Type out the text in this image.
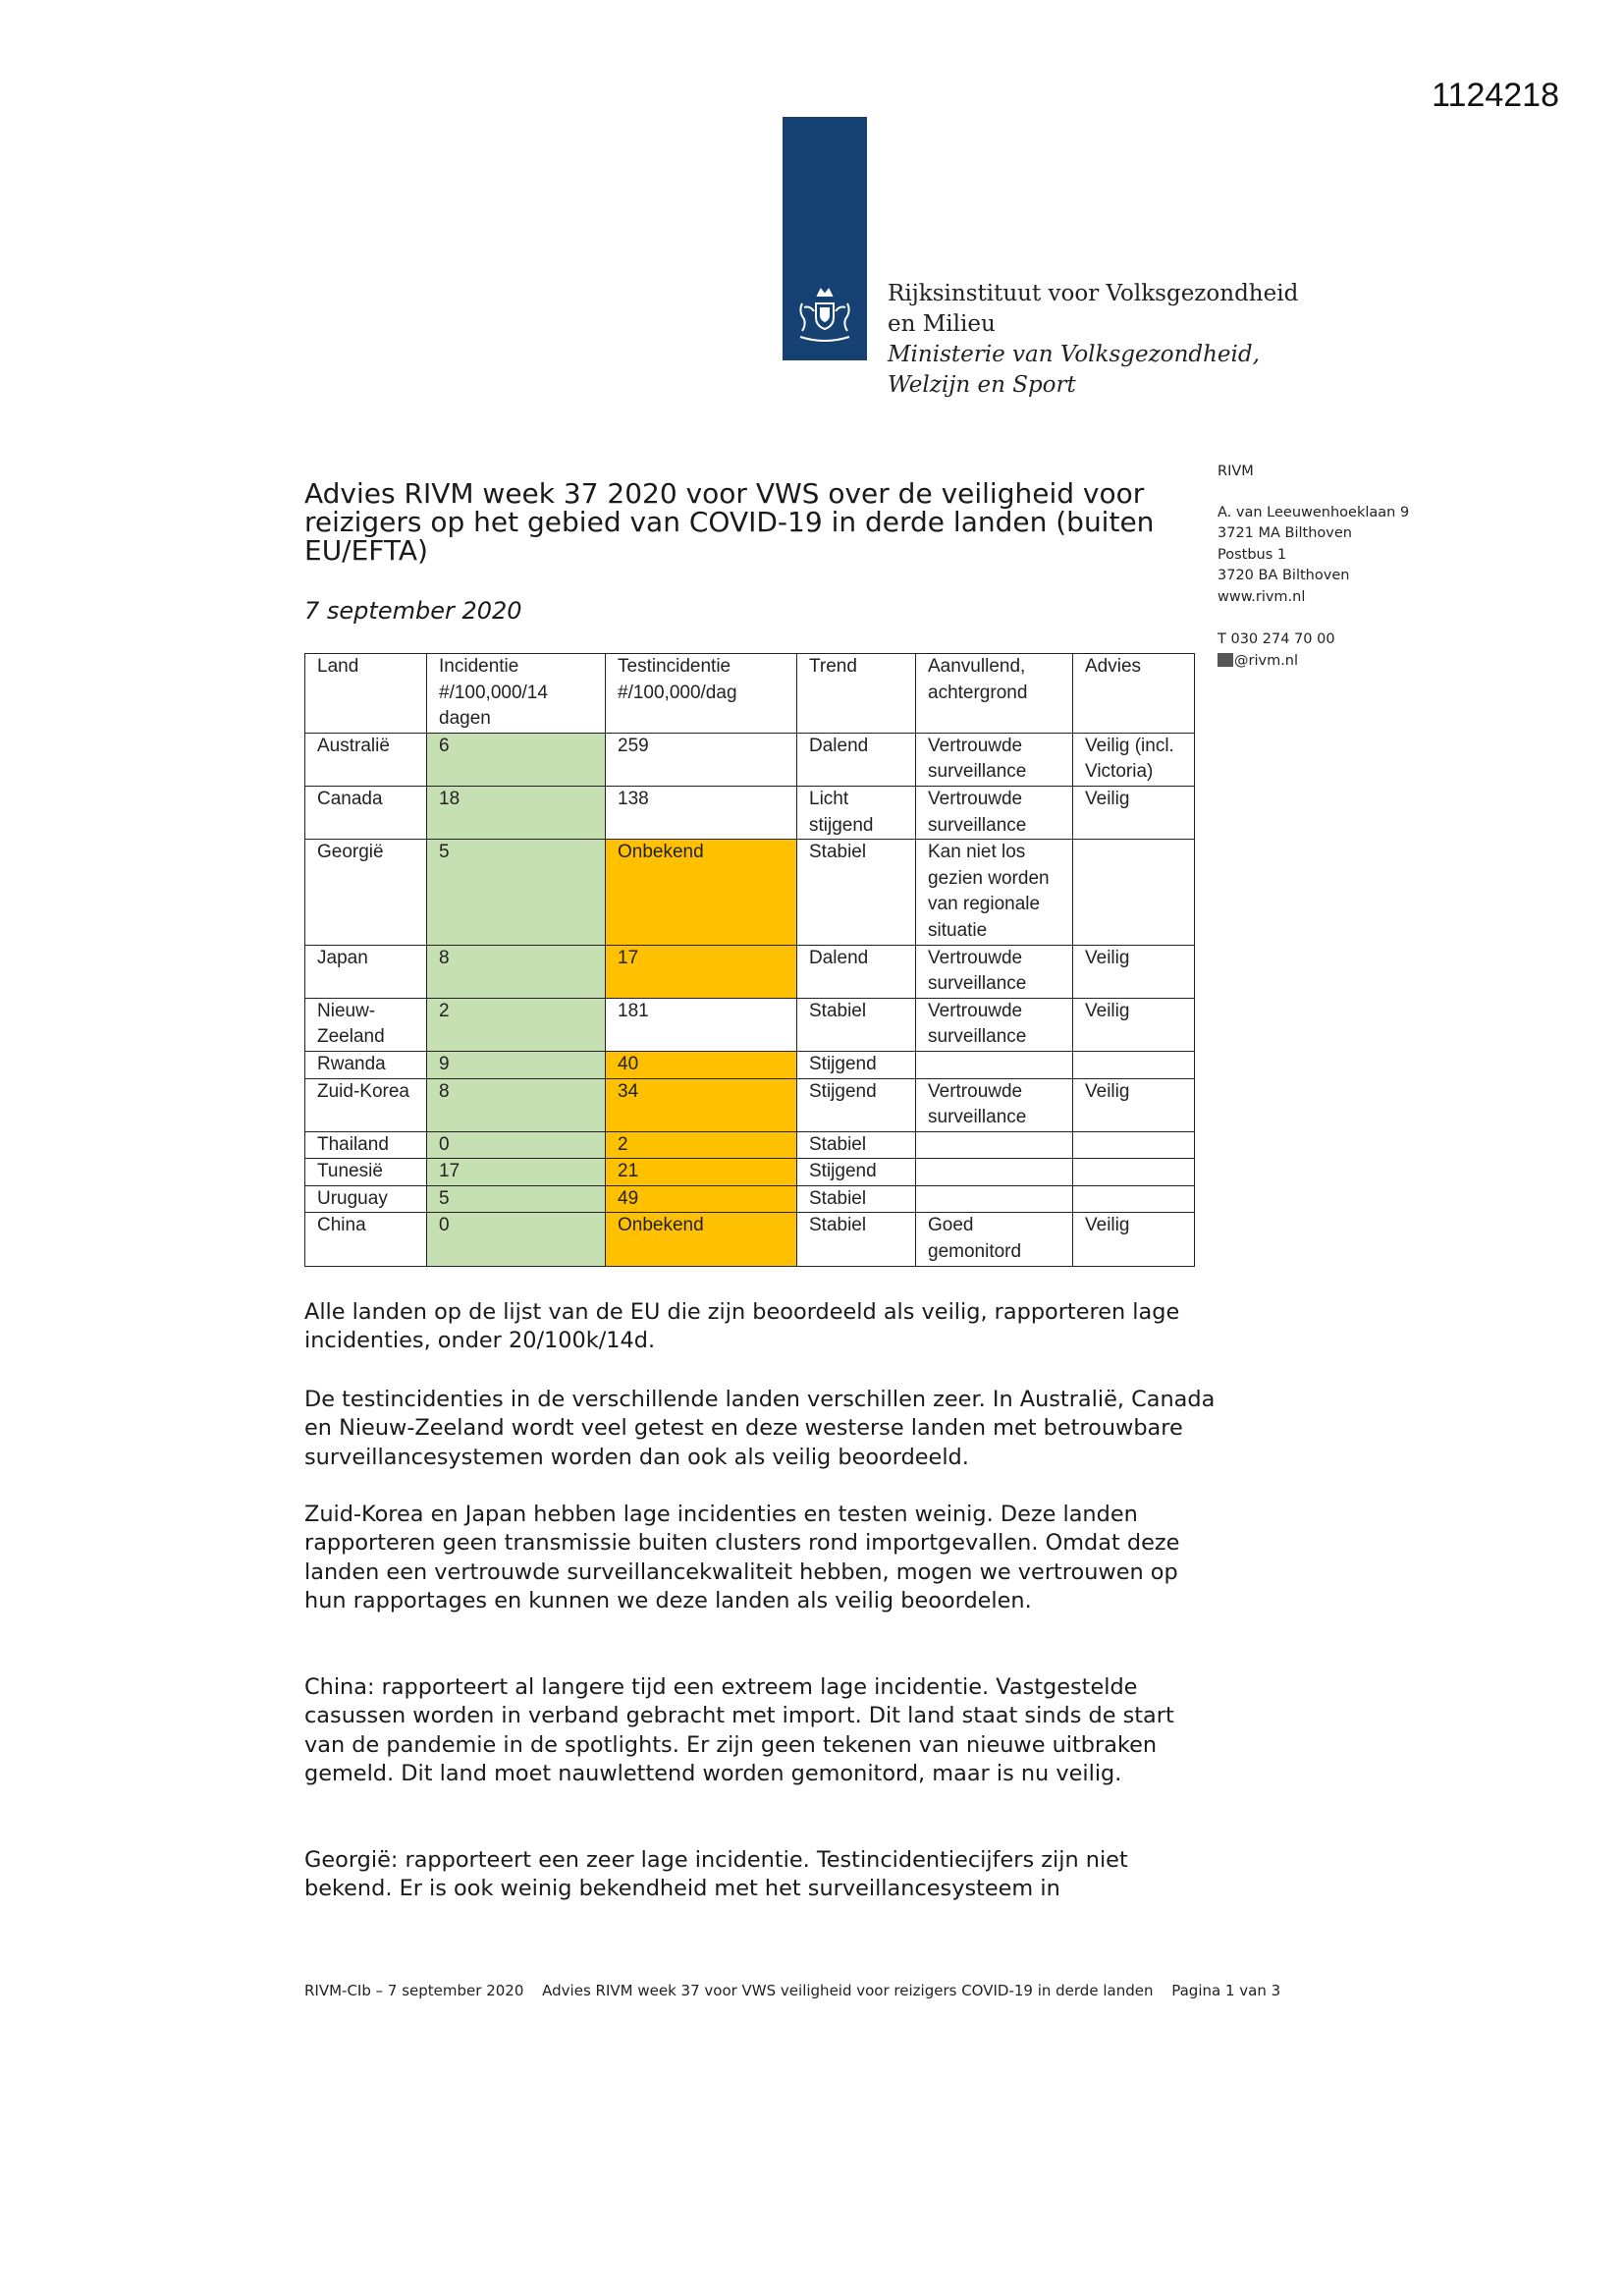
1124218
Rijksinstituut voor Volksgezondheid
en Milieu
Ministerie van Volksgezondheid,
Welzijn en Sport
RIVM
A. van Leeuwenhoeklaan 9
3721 MA Bilthoven
Postbus 1
3720 BA Bilthoven
www.rivm.nl
T 030 274 70 00
@rivm.nl
Advies RIVM week 37 2020 voor VWS over de veiligheid voor reizigers op het gebied van COVID-19 in derde landen (buiten EU/EFTA)
7 september 2020
Land	Incidentie #/100,000/14 dagen	Testincidentie #/100,000/dag	Trend	Aanvullend, achtergrond	Advies
Australië	6	259	Dalend	Vertrouwde surveillance	Veilig (incl. Victoria)
Canada	18	138	Licht stijgend	Vertrouwde surveillance	Veilig
Georgië	5	Onbekend	Stabiel	Kan niet los gezien worden van regionale situatie	
Japan	8	17	Dalend	Vertrouwde surveillance	Veilig
Nieuw-Zeeland	2	181	Stabiel	Vertrouwde surveillance	Veilig
Rwanda	9	40	Stijgend		
Zuid-Korea	8	34	Stijgend	Vertrouwde surveillance	Veilig
Thailand	0	2	Stabiel		
Tunesië	17	21	Stijgend		
Uruguay	5	49	Stabiel		
China	0	Onbekend	Stabiel	Goed gemonitord	Veilig

Alle landen op de lijst van de EU die zijn beoordeeld als veilig, rapporteren lage incidenties, onder 20/100k/14d.

De testincidenties in de verschillende landen verschillen zeer. In Australië, Canada en Nieuw-Zeeland wordt veel getest en deze westerse landen met betrouwbare surveillancesystemen worden dan ook als veilig beoordeeld.

Zuid-Korea en Japan hebben lage incidenties en testen weinig. Deze landen rapporteren geen transmissie buiten clusters rond importgevallen. Omdat deze landen een vertrouwde surveillancekwaliteit hebben, mogen we vertrouwen op hun rapportages en kunnen we deze landen als veilig beoordelen.

China: rapporteert al langere tijd een extreem lage incidentie. Vastgestelde casussen worden in verband gebracht met import. Dit land staat sinds de start van de pandemie in de spotlights. Er zijn geen tekenen van nieuwe uitbraken gemeld. Dit land moet nauwlettend worden gemonitord, maar is nu veilig.

Georgië: rapporteert een zeer lage incidentie. Testincidentiecijfers zijn niet bekend. Er is ook weinig bekendheid met het surveillancesysteem in

RIVM-CIb – 7 september 2020 Advies RIVM week 37 voor VWS veiligheid voor reizigers COVID-19 in derde landen Pagina 1 van 3
